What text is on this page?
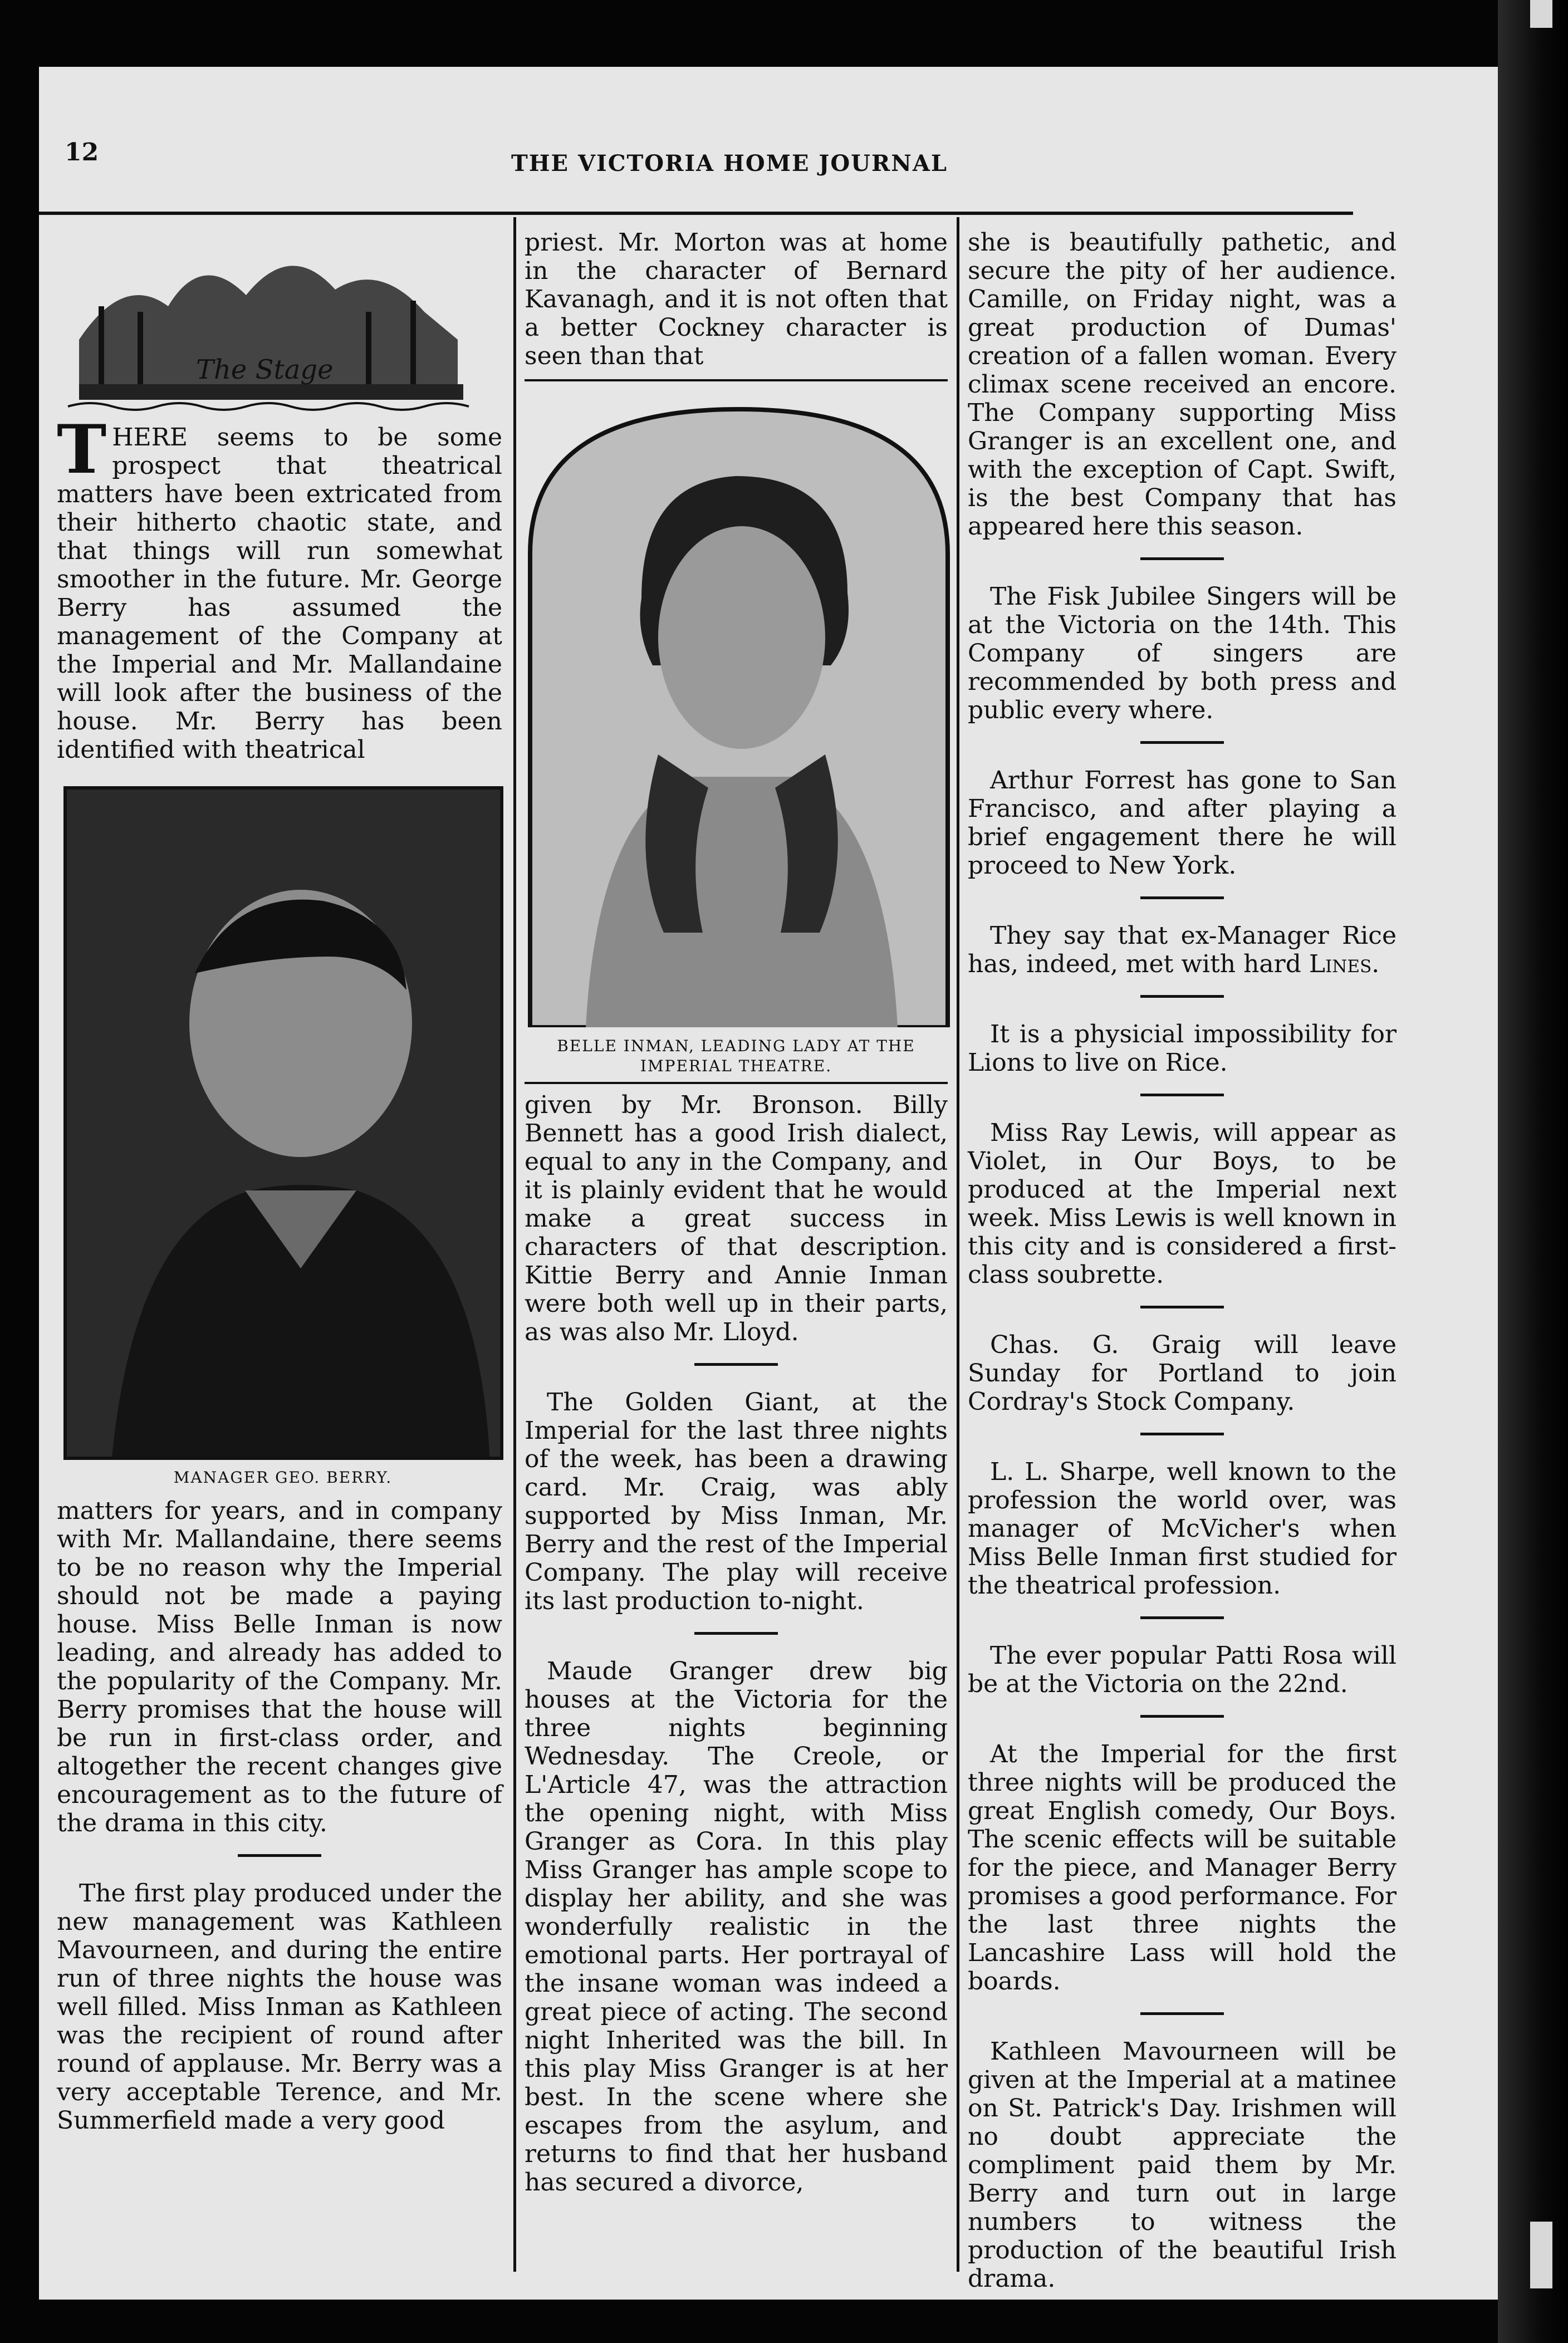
12	THE VICTORIA HOME JOURNAL
The Stage

THERE seems to be some prospect that theatrical matters have been extricated from their hitherto chaotic state, and that things will run somewhat smoother in the future. Mr. George Berry has assumed the management of the Company at the Imperial and Mr. Mallandaine will look after the business of the house. Mr. Berry has been identified with theatrical

MANAGER GEO. BERRY.

matters for years, and in company with Mr. Mallandaine, there seems to be no reason why the Imperial should not be made a paying house. Miss Belle Inman is now leading, and already has added to the popularity of the Company. Mr. Berry promises that the house will be run in first-class order, and altogether the recent changes give encouragement as to the future of the drama in this city.

The first play produced under the new management was Kathleen Mavourneen, and during the entire run of three nights the house was well filled. Miss Inman as Kathleen was the recipient of round after round of applause. Mr. Berry was a very acceptable Terence, and Mr. Summerfield made a very good

priest. Mr. Morton was at home in the character of Bernard Kavanagh, and it is not often that a better Cockney character is seen than that

BELLE INMAN, LEADING LADY AT THE IMPERIAL THEATRE.

given by Mr. Bronson. Billy Bennett has a good Irish dialect, equal to any in the Company, and it is plainly evident that he would make a great success in characters of that description. Kittie Berry and Annie Inman were both well up in their parts, as was also Mr. Lloyd.

The Golden Giant, at the Imperial for the last three nights of the week, has been a drawing card. Mr. Craig, was ably supported by Miss Inman, Mr. Berry and the rest of the Imperial Company. The play will receive its last production to-night.

Maude Granger drew big houses at the Victoria for the three nights beginning Wednesday. The Creole, or L'Article 47, was the attraction the opening night, with Miss Granger as Cora. In this play Miss Granger has ample scope to display her ability, and she was wonderfully realistic in the emotional parts. Her portrayal of the insane woman was indeed a great piece of acting. The second night Inherited was the bill. In this play Miss Granger is at her best. In the scene where she escapes from the asylum, and returns to find that her husband has secured a divorce,

she is beautifully pathetic, and secure the pity of her audience. Camille, on Friday night, was a great production of Dumas' creation of a fallen woman. Every climax scene received an encore. The Company supporting Miss Granger is an excellent one, and with the exception of Capt. Swift, is the best Company that has appeared here this season.

The Fisk Jubilee Singers will be at the Victoria on the 14th. This Company of singers are recommended by both press and public every where.

Arthur Forrest has gone to San Francisco, and after playing a brief engagement there he will proceed to New York.

They say that ex-Manager Rice has, indeed, met with hard Lines.

It is a physicial impossibility for Lions to live on Rice.

Miss Ray Lewis, will appear as Violet, in Our Boys, to be produced at the Imperial next week. Miss Lewis is well known in this city and is considered a first-class soubrette.

Chas. G. Graig will leave Sunday for Portland to join Cordray's Stock Company.

L. L. Sharpe, well known to the profession the world over, was manager of McVicher's when Miss Belle Inman first studied for the theatrical profession.

The ever popular Patti Rosa will be at the Victoria on the 22nd.

At the Imperial for the first three nights will be produced the great English comedy, Our Boys. The scenic effects will be suitable for the piece, and Manager Berry promises a good performance. For the last three nights the Lancashire Lass will hold the boards.

Kathleen Mavourneen will be given at the Imperial at a matinee on St. Patrick's Day. Irishmen will no doubt appreciate the compliment paid them by Mr. Berry and turn out in large numbers to witness the production of the beautiful Irish drama.
